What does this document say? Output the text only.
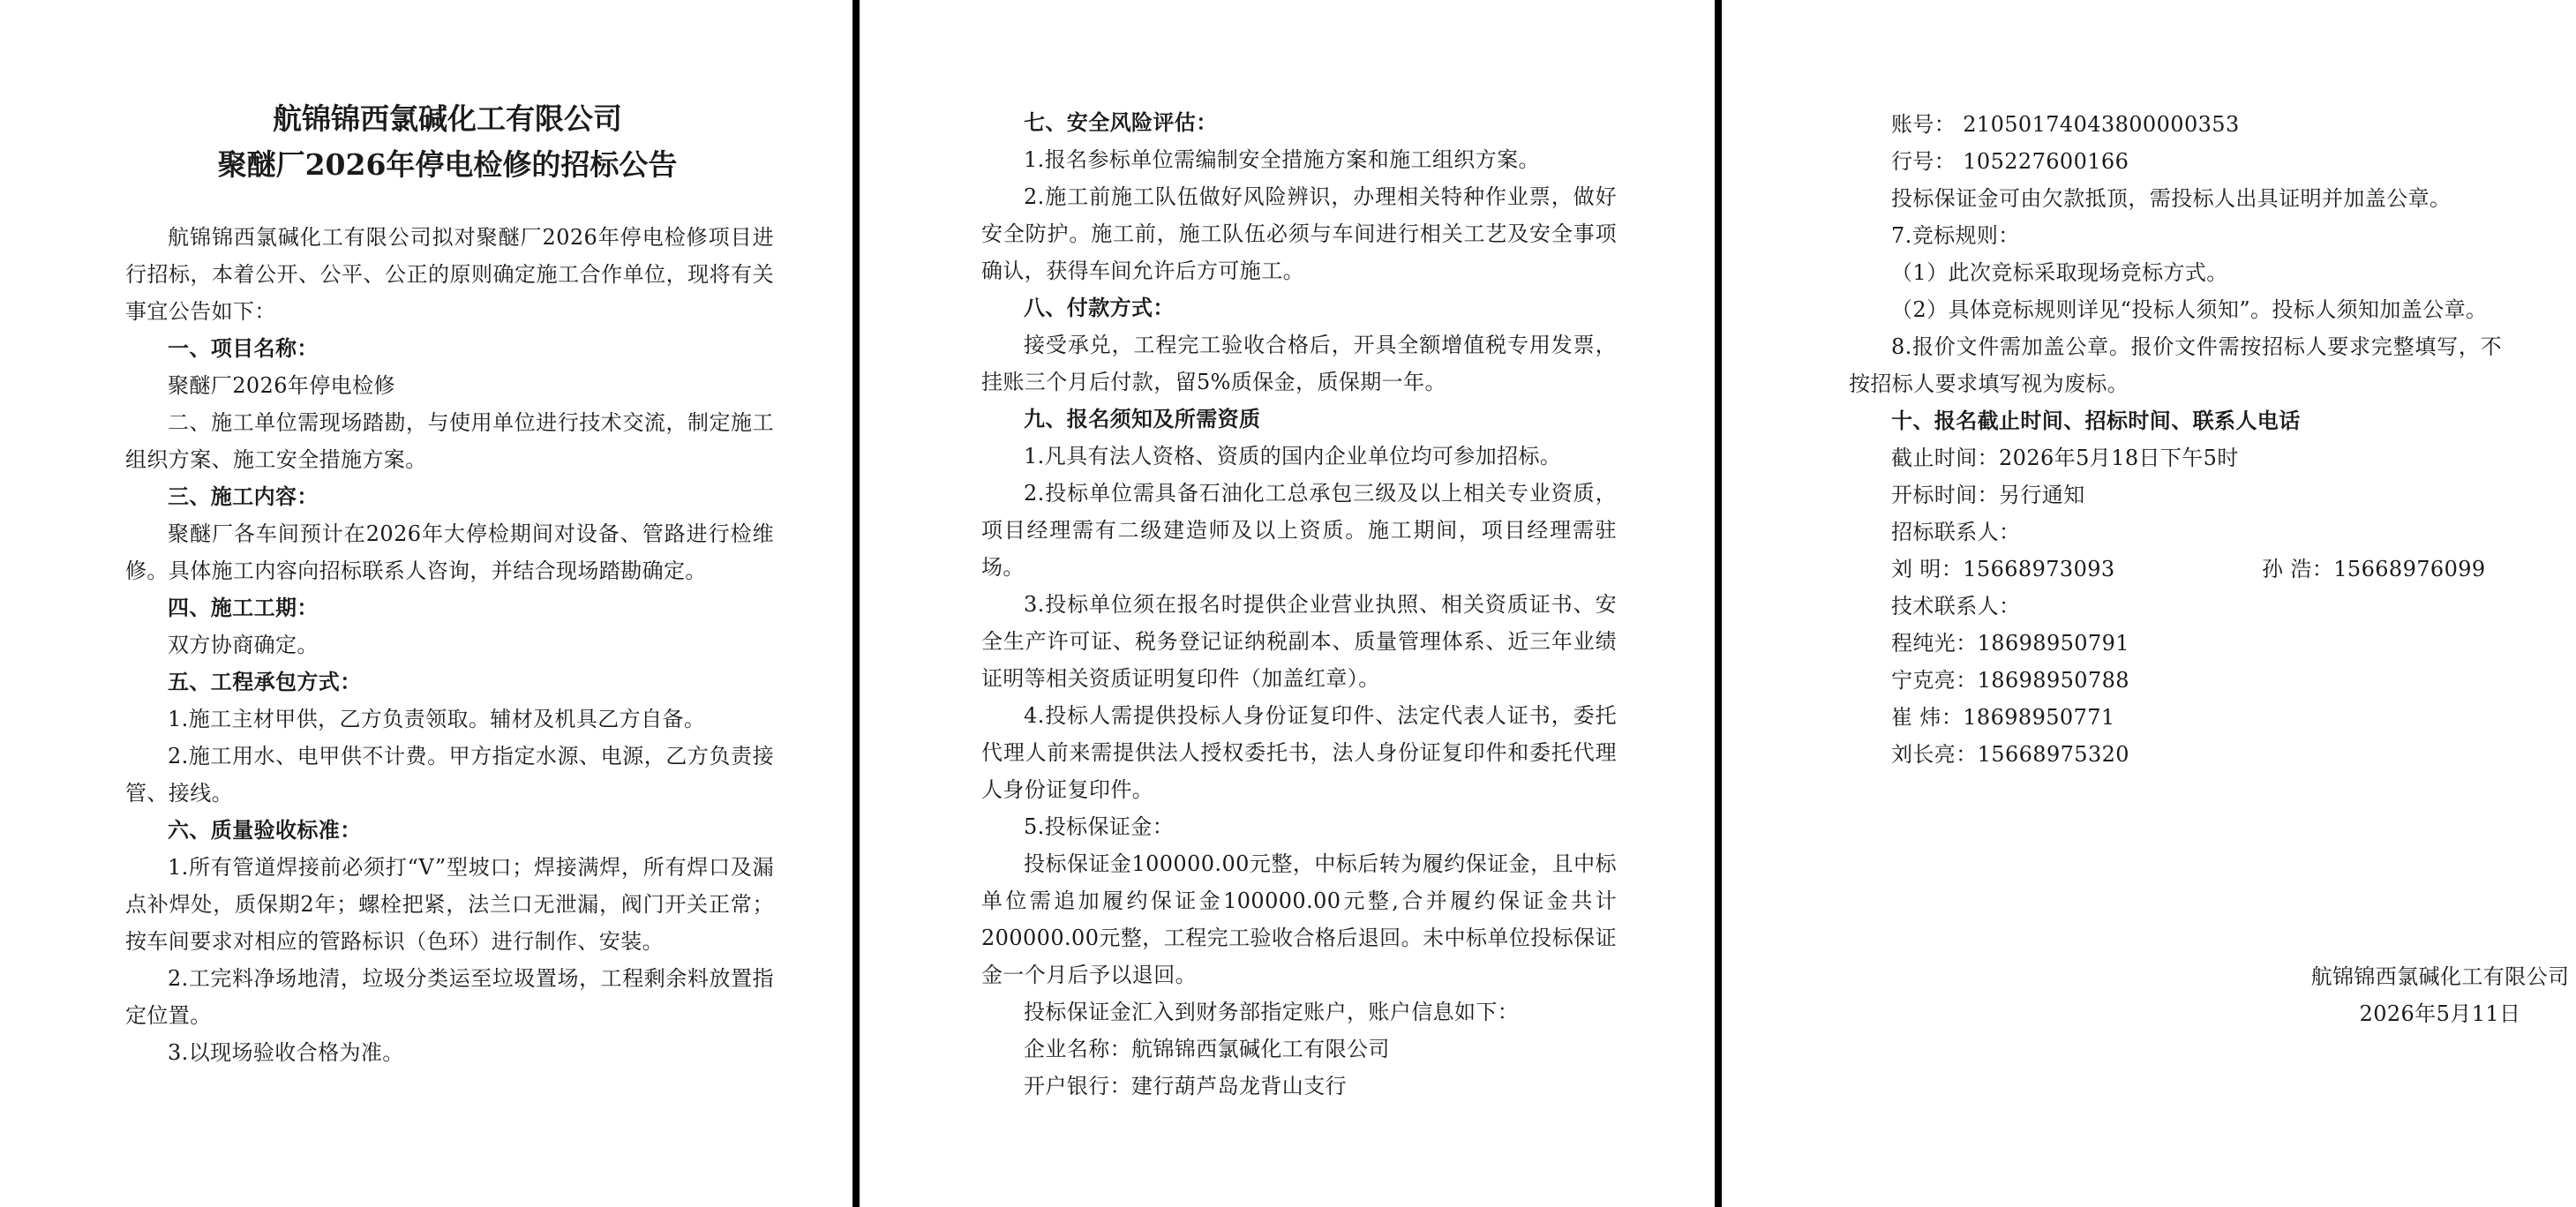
航锦锦西氯碱化工有限公司
聚醚厂2026年停电检修的招标公告

航锦锦西氯碱化工有限公司拟对聚醚厂2026年停电检修项目进行招标，本着公开、公平、公正的原则确定施工合作单位，现将有关事宜公告如下：

一、项目名称：

聚醚厂2026年停电检修

二、施工单位需现场踏勘，与使用单位进行技术交流，制定施工组织方案、施工安全措施方案。

三、施工内容：

聚醚厂各车间预计在2026年大停检期间对设备、管路进行检维修。具体施工内容向招标联系人咨询，并结合现场踏勘确定。

四、施工工期：

双方协商确定。

五、工程承包方式：

1.施工主材甲供，乙方负责领取。辅材及机具乙方自备。

2.施工用水、电甲供不计费。甲方指定水源、电源，乙方负责接管、接线。

六、质量验收标准：

1.所有管道焊接前必须打“V”型坡口；焊接满焊，所有焊口及漏点补焊处，质保期2年；螺栓把紧，法兰口无泄漏，阀门开关正常；按车间要求对相应的管路标识（色环）进行制作、安装。

2.工完料净场地清，垃圾分类运至垃圾置场，工程剩余料放置指定位置。

3.以现场验收合格为准。

七、安全风险评估：

1.报名参标单位需编制安全措施方案和施工组织方案。

2.施工前施工队伍做好风险辨识，办理相关特种作业票，做好安全防护。施工前，施工队伍必须与车间进行相关工艺及安全事项确认，获得车间允许后方可施工。

八、付款方式：

接受承兑，工程完工验收合格后，开具全额增值税专用发票，挂账三个月后付款，留5%质保金，质保期一年。

九、报名须知及所需资质

1.凡具有法人资格、资质的国内企业单位均可参加招标。

2.投标单位需具备石油化工总承包三级及以上相关专业资质，项目经理需有二级建造师及以上资质。施工期间，项目经理需驻场。

3.投标单位须在报名时提供企业营业执照、相关资质证书、安全生产许可证、税务登记证纳税副本、质量管理体系、近三年业绩证明等相关资质证明复印件（加盖红章）。

4.投标人需提供投标人身份证复印件、法定代表人证书，委托代理人前来需提供法人授权委托书，法人身份证复印件和委托代理人身份证复印件。

5.投标保证金：

投标保证金100000.00元整，中标后转为履约保证金，且中标单位需追加履约保证金100000.00元整,合并履约保证金共计200000.00元整，工程完工验收合格后退回。未中标单位投标保证金一个月后予以退回。

投标保证金汇入到财务部指定账户，账户信息如下：

企业名称：航锦锦西氯碱化工有限公司

开户银行：建行葫芦岛龙背山支行

账号： 21050174043800000353

行号： 105227600166

投标保证金可由欠款抵顶，需投标人出具证明并加盖公章。

7.竞标规则：

（1）此次竞标采取现场竞标方式。

（2）具体竞标规则详见“投标人须知”。投标人须知加盖公章。

8.报价文件需加盖公章。报价文件需按招标人要求完整填写，不按招标人要求填写视为废标。

十、报名截止时间、招标时间、联系人电话

截止时间：2026年5月18日下午5时

开标时间：另行通知

招标联系人：

刘 明：15668973093	孙 浩：15668976099

技术联系人：

程纯光：18698950791

宁克亮：18698950788

崔 炜：18698950771

刘长亮：15668975320

航锦锦西氯碱化工有限公司

2026年5月11日
